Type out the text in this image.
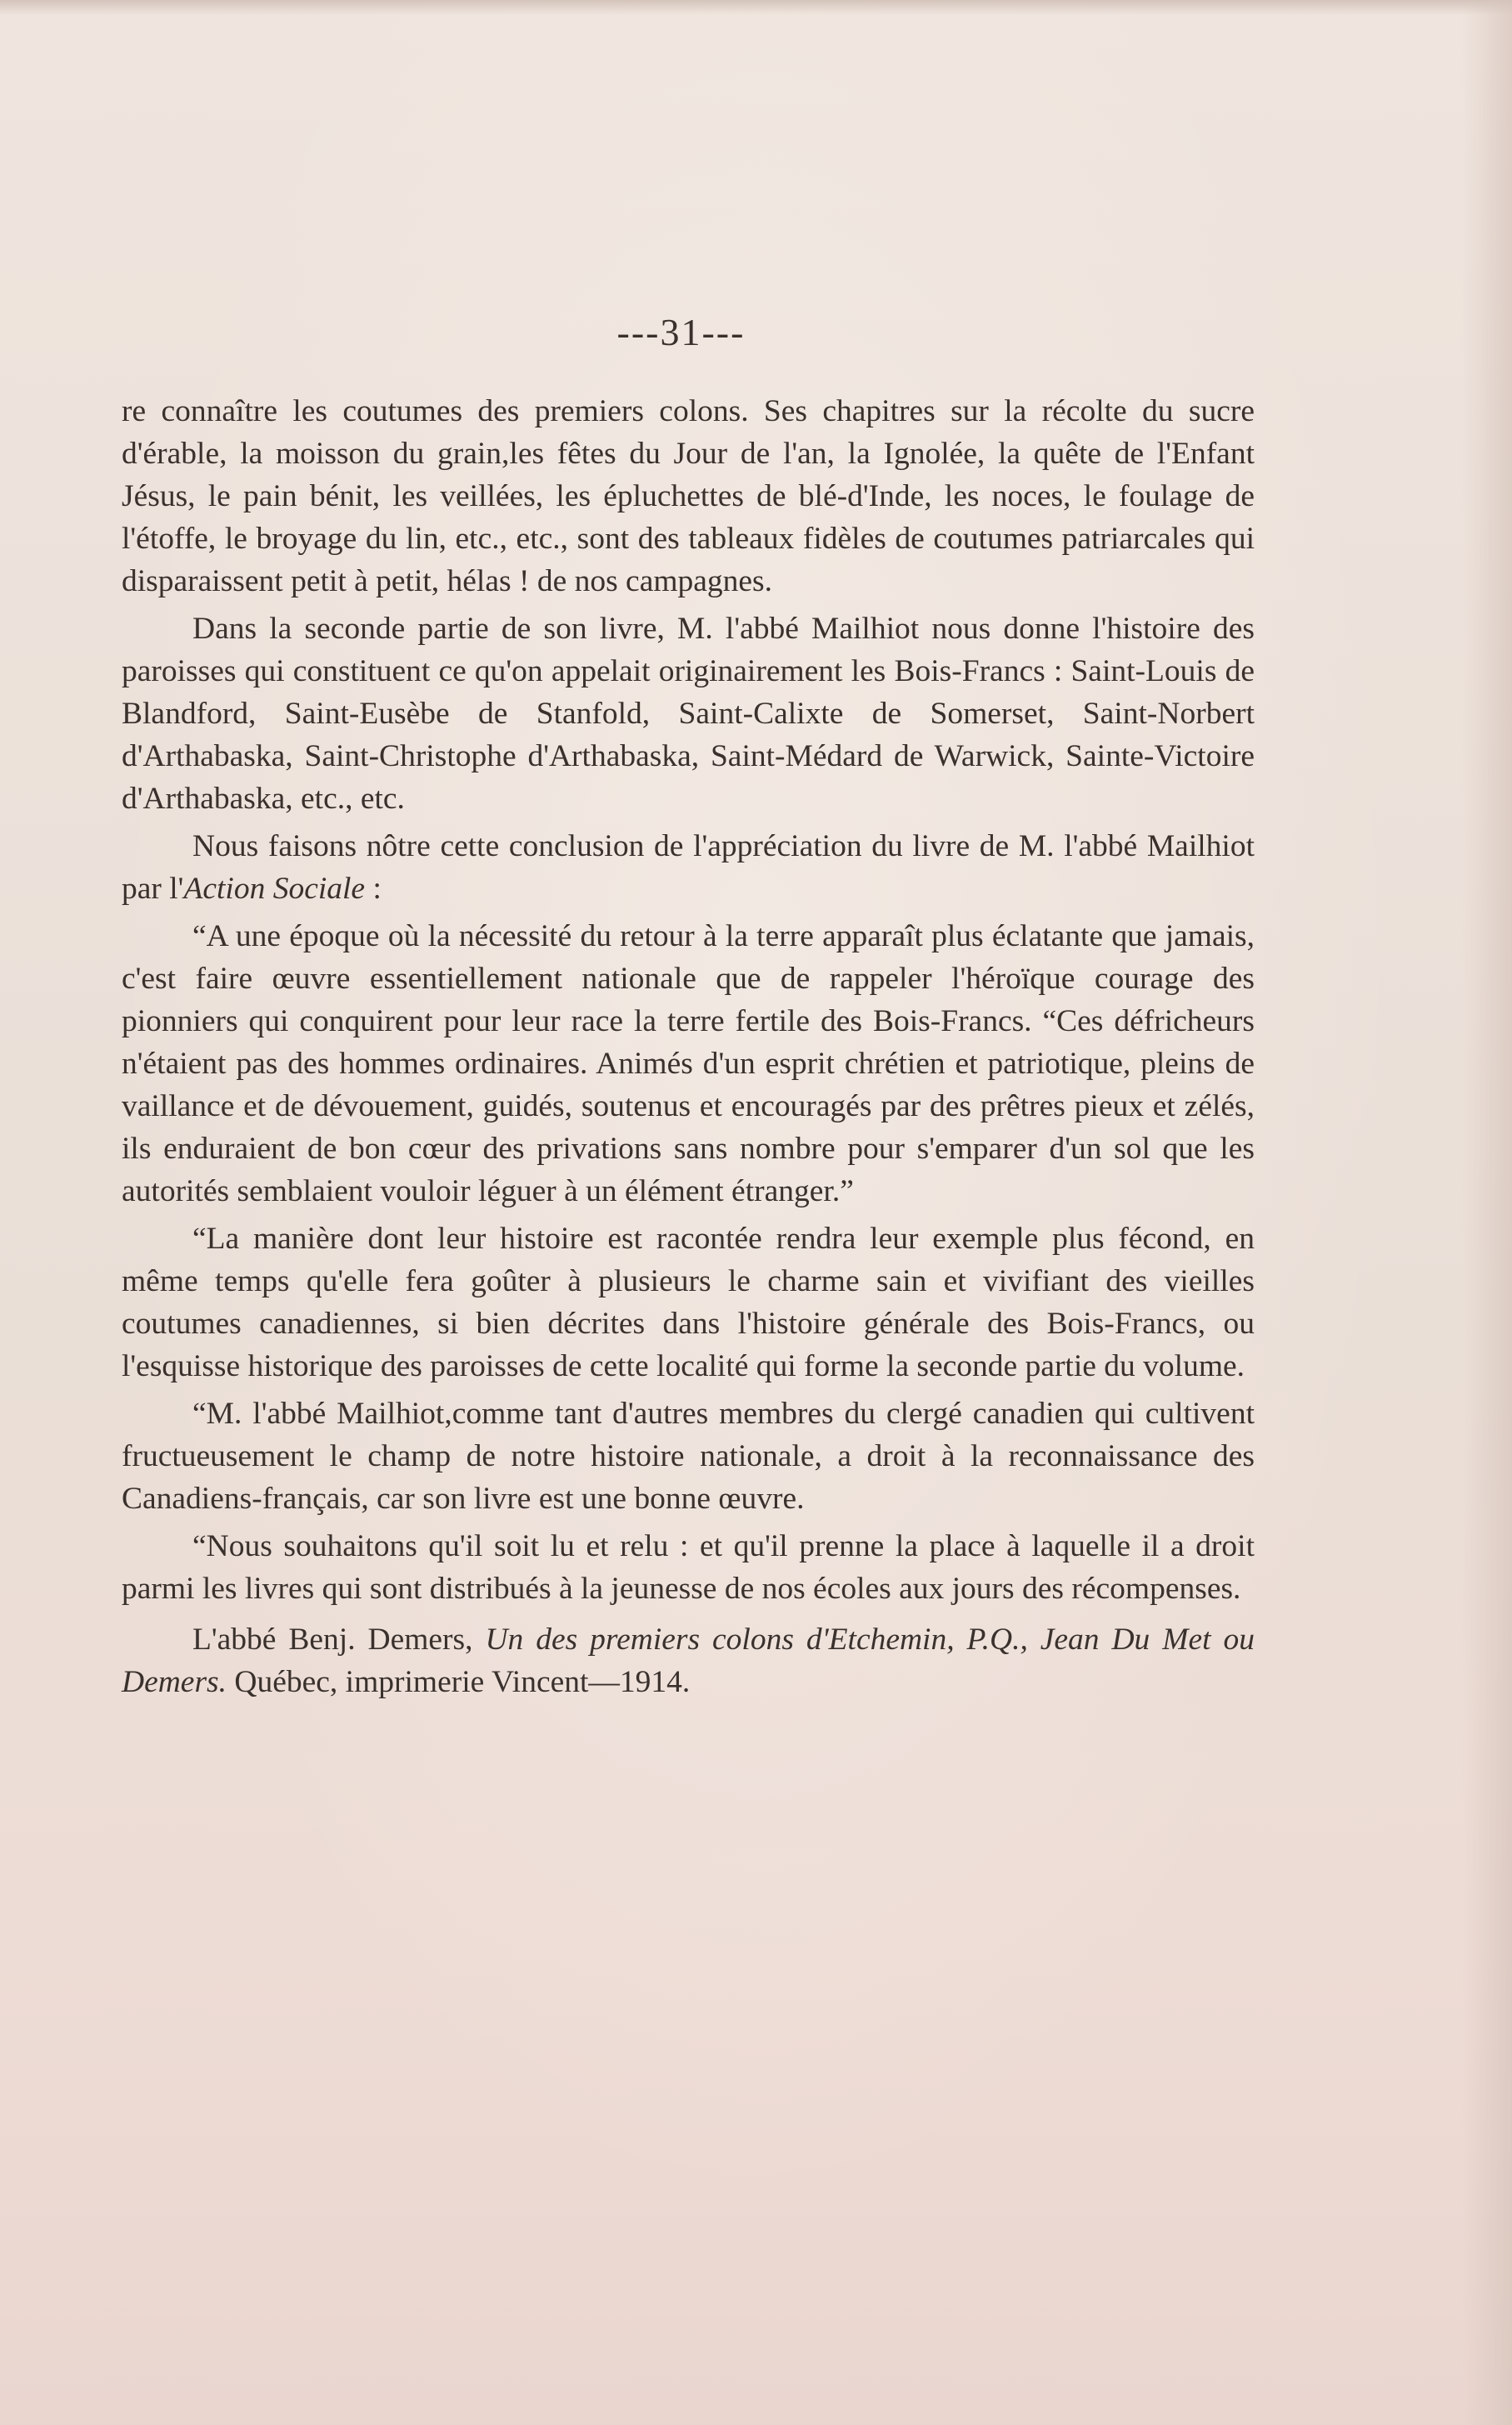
---31---

re connaître les coutumes des premiers colons. Ses chapitres sur la récolte du sucre d'érable, la moisson du grain,les fêtes du Jour de l'an, la Ignolée, la quête de l'Enfant Jésus, le pain bénit, les veillées, les épluchettes de blé-d'Inde, les noces, le foulage de l'étoffe, le broyage du lin, etc., etc., sont des tableaux fidèles de coutumes patriarcales qui disparaissent petit à petit, hélas ! de nos campagnes.

Dans la seconde partie de son livre, M. l'abbé Mailhiot nous donne l'histoire des paroisses qui constituent ce qu'on appelait originairement les Bois-Francs : Saint-Louis de Blandford, Saint-Eusèbe de Stanfold, Saint-Calixte de Somerset, Saint-Norbert d'Arthabaska, Saint-Christophe d'Arthabaska, Saint-Médard de Warwick, Sainte-Victoire d'Arthabaska, etc., etc.

Nous faisons nôtre cette conclusion de l'appréciation du livre de M. l'abbé Mailhiot par l'Action Sociale :

“A une époque où la nécessité du retour à la terre apparaît plus éclatante que jamais, c'est faire œuvre essentiellement nationale que de rappeler l'héroïque courage des pionniers qui conquirent pour leur race la terre fertile des Bois-Francs. “Ces défricheurs n'étaient pas des hommes ordinaires. Animés d'un esprit chrétien et patriotique, pleins de vaillance et de dévouement, guidés, soutenus et encouragés par des prêtres pieux et zélés, ils enduraient de bon cœur des privations sans nombre pour s'emparer d'un sol que les autorités semblaient vouloir léguer à un élément étranger.”

“La manière dont leur histoire est racontée rendra leur exemple plus fécond, en même temps qu'elle fera goûter à plusieurs le charme sain et vivifiant des vieilles coutumes canadiennes, si bien décrites dans l'histoire générale des Bois-Francs, ou l'esquisse historique des paroisses de cette localité qui forme la seconde partie du volume.

“M. l'abbé Mailhiot,comme tant d'autres membres du clergé canadien qui cultivent fructueusement le champ de notre histoire nationale, a droit à la reconnaissance des Canadiens-français, car son livre est une bonne œuvre.

“Nous souhaitons qu'il soit lu et relu : et qu'il prenne la place à laquelle il a droit parmi les livres qui sont distribués à la jeunesse de nos écoles aux jours des récompenses.

L'abbé Benj. Demers, Un des premiers colons d'Etchemin, P.Q., Jean Du Met ou Demers. Québec, imprimerie Vincent—1914.
